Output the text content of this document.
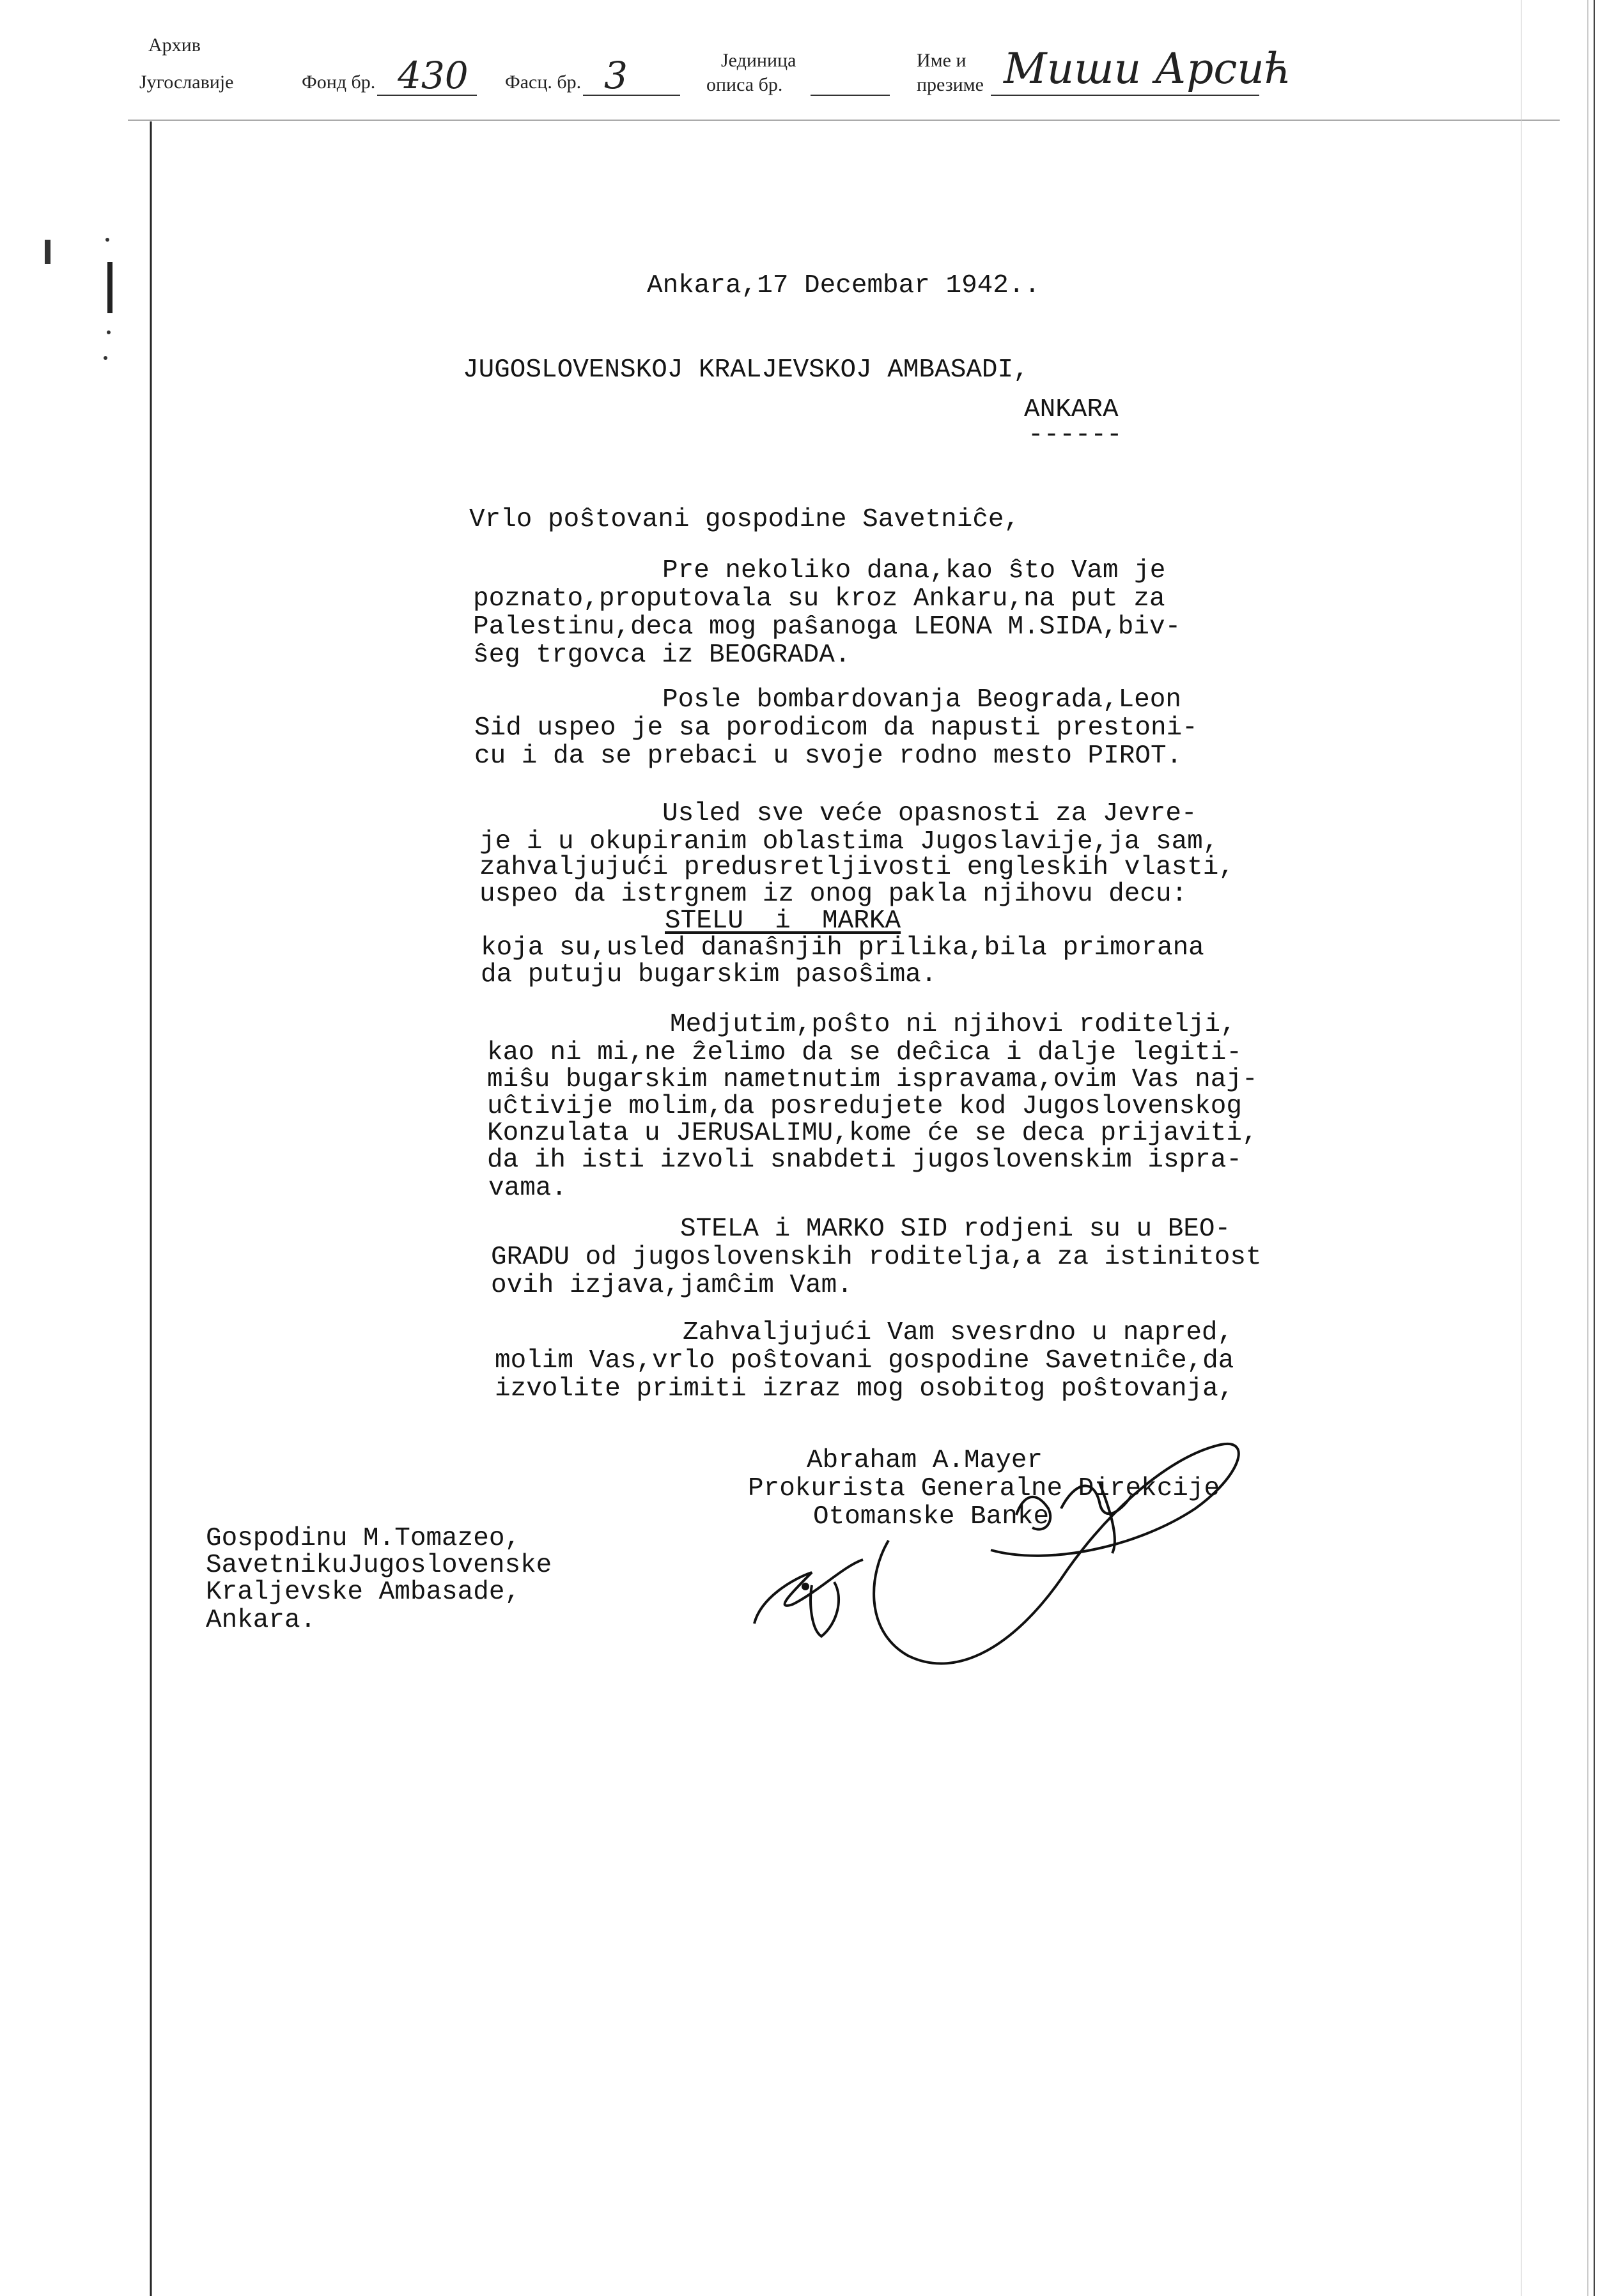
Архив
Југославије	Фонд бр. 430 Фасц. бр. 3	Јединица
описа бр.
Име и
презиме Миши Арсић
Ankara,17 Decembar 1942..
JUGOSLOVENSKOJ KRALJEVSKOJ AMBASADI,
ANKARA
------
Vrlo poŝtovani gospodine Savetniĉe,
Pre nekoliko dana,kao ŝto Vam je
poznato,proputovala su kroz Ankaru,na put za
Palestinu,deca mog paŝanoga LEONA M.SIDA,biv-
ŝeg trgovca iz BEOGRADA.
Posle bombardovanja Beograda,Leon
Sid uspeo je sa porodicom da napusti prestoni-
cu i da se prebaci u svoje rodno mesto PIROT.
Usled sve veće opasnosti za Jevre-
je i u okupiranim oblastima Jugoslavije,ja sam,
zahvaljujući predusretljivosti engleskih vlasti,
uspeo da istrgnem iz onog pakla njihovu decu:
STELU  i  MARKA
koja su,usled danaŝnjih prilika,bila primorana
da putuju bugarskim pasoŝima.
Medjutim,poŝto ni njihovi roditelji,
kao ni mi,ne ẑelimo da se deĉica i dalje legiti-
miŝu bugarskim nametnutim ispravama,ovim Vas naj-
uĉtivije molim,da posredujete kod Jugoslovenskog
Konzulata u JERUSALIMU,kome će se deca prijaviti,
da ih isti izvoli snabdeti jugoslovenskim ispra-
vama.
STELA i MARKO SID rodjeni su u BEO-
GRADU od jugoslovenskih roditelja,a za istinitost
ovih izjava,jamĉim Vam.
Zahvaljujući Vam svesrdno u napred,
molim Vas,vrlo poŝtovani gospodine Savetniĉe,da
izvolite primiti izraz mog osobitog poŝtovanja,
Abraham A.Mayer
Prokurista Generalne Direkcije
Otomanske Banke
Gospodinu M.Tomazeo,
SavetnikuJugoslovenske
Kraljevske Ambasade,
Ankara.
